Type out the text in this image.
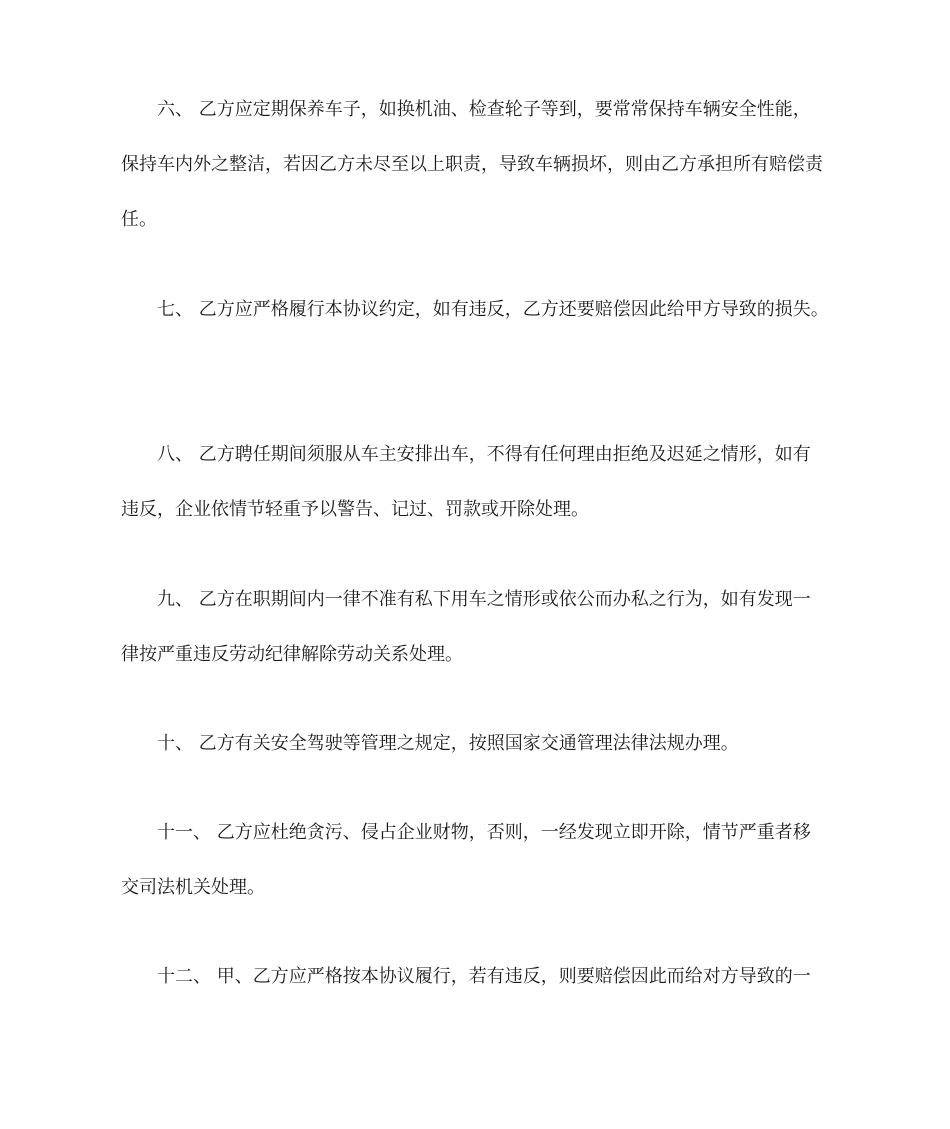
六、 乙方应定期保养车子，如换机油、检查轮子等到，要常常保持车辆安全性能，

保持车内外之整洁，若因乙方未尽至以上职责，导致车辆损坏，则由乙方承担所有赔偿责

任。

七、 乙方应严格履行本协议约定，如有违反，乙方还要赔偿因此给甲方导致的损失。

八、 乙方聘任期间须服从车主安排出车，不得有任何理由拒绝及迟延之情形，如有

违反，企业依情节轻重予以警告、记过、罚款或开除处理。

九、 乙方在职期间内一律不准有私下用车之情形或依公而办私之行为，如有发现一

律按严重违反劳动纪律解除劳动关系处理。

十、 乙方有关安全驾驶等管理之规定，按照国家交通管理法律法规办理。

十一、 乙方应杜绝贪污、侵占企业财物，否则，一经发现立即开除，情节严重者移

交司法机关处理。

十二、 甲、乙方应严格按本协议履行，若有违反，则要赔偿因此而给对方导致的一
